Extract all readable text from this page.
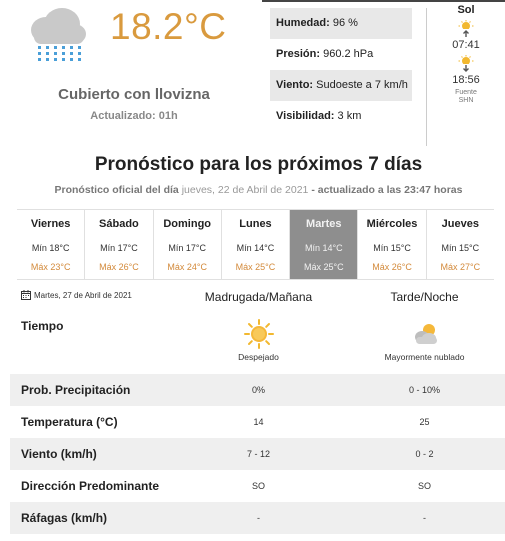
18.2°C
Cubierto con llovizna
Actualizado: 01h
Humedad: 96 %
Presión: 960.2 hPa
Viento: Sudoeste a 7 km/h
Visibilidad: 3 km
Sol
07:41
18:56
Fuente
SHN
Pronóstico para los próximos 7 días
Pronóstico oficial del día jueves, 22 de Abril de 2021 - actualizado a las 23:47 horas
Viernes
Mín 18°C
Máx 23°C
Sábado
Mín 17°C
Máx 26°C
Domingo
Mín 17°C
Máx 24°C
Lunes
Mín 14°C
Máx 25°C
Martes
Mín 14°C
Máx 25°C
Miércoles
Mín 15°C
Máx 26°C
Jueves
Mín 15°C
Máx 27°C
Martes, 27 de Abril de 2021	Madrugada/Mañana	Tarde/Noche
Tiempo
Despejado	Mayormente nublado
Prob. Precipitación	0%	0 - 10%
Temperatura (°C)	14	25
Viento (km/h)	7 - 12	0 - 2
Dirección Predominante	SO	SO
Ráfagas (km/h)	-	-
